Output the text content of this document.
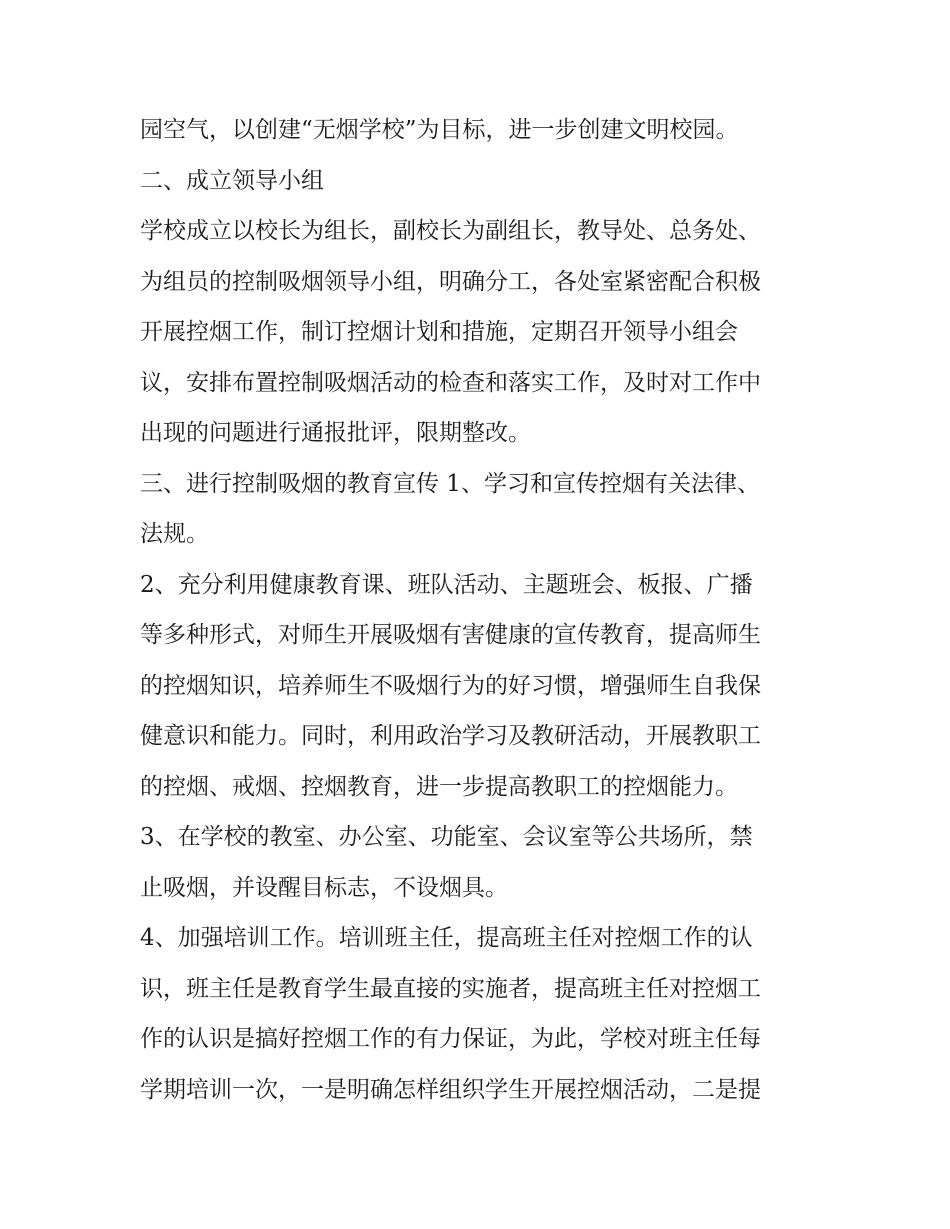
园空气，以创建“无烟学校”为目标，进一步创建文明校园。
二、成立领导小组
学校成立以校长为组长，副校长为副组长，教导处、总务处、
为组员的控制吸烟领导小组，明确分工，各处室紧密配合积极
开展控烟工作，制订控烟计划和措施，定期召开领导小组会
议，安排布置控制吸烟活动的检查和落实工作，及时对工作中
出现的问题进行通报批评，限期整改。
三、进行控制吸烟的教育宣传 1、学习和宣传控烟有关法律、
法规。
2、充分利用健康教育课、班队活动、主题班会、板报、广播
等多种形式，对师生开展吸烟有害健康的宣传教育，提高师生
的控烟知识，培养师生不吸烟行为的好习惯，增强师生自我保
健意识和能力。同时，利用政治学习及教研活动，开展教职工
的控烟、戒烟、控烟教育，进一步提高教职工的控烟能力。
3、在学校的教室、办公室、功能室、会议室等公共场所，禁
止吸烟，并设醒目标志，不设烟具。
4、加强培训工作。培训班主任，提高班主任对控烟工作的认
识，班主任是教育学生最直接的实施者，提高班主任对控烟工
作的认识是搞好控烟工作的有力保证，为此，学校对班主任每
学期培训一次，一是明确怎样组织学生开展控烟活动，二是提
